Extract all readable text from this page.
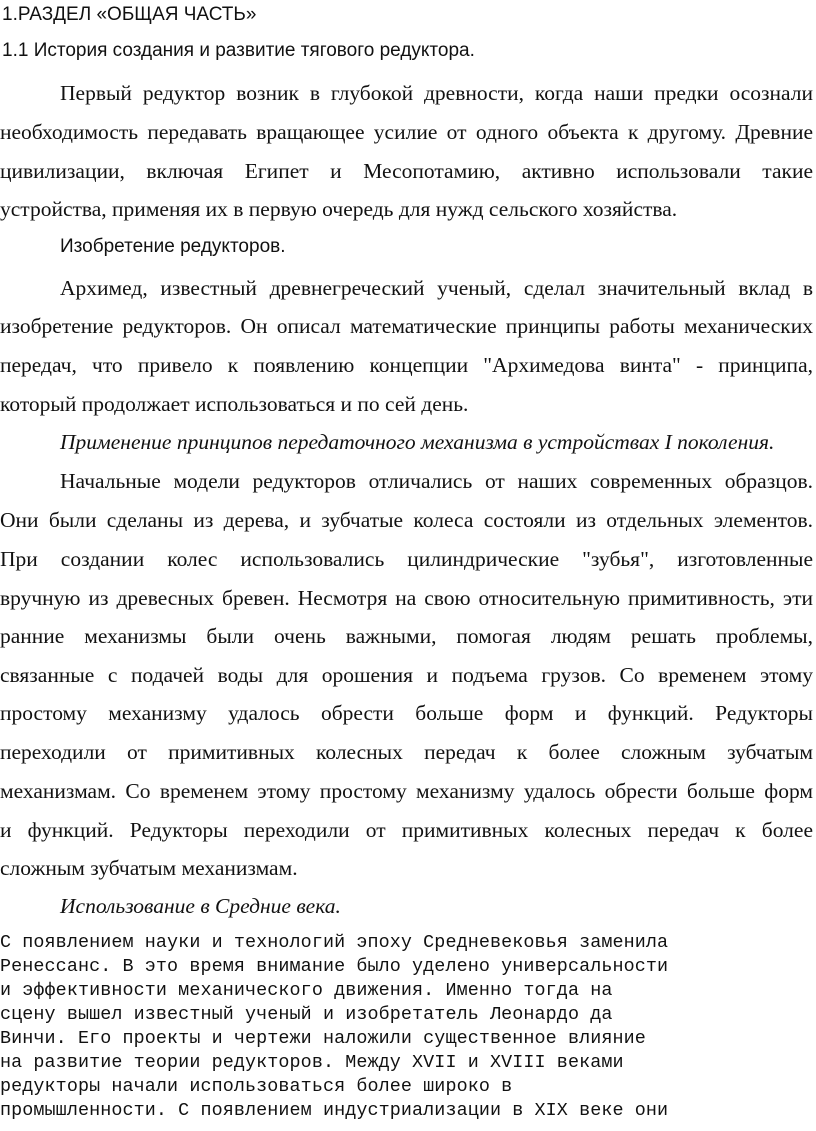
1.РАЗДЕЛ «ОБЩАЯ ЧАСТЬ»
1.1 История создания и развитие тягового редуктора.
Первый редуктор возник в глубокой древности, когда наши предки осознали
необходимость передавать вращающее усилие от одного объекта к другому. Древние
цивилизации, включая Египет и Месопотамию, активно использовали такие
устройства, применяя их в первую очередь для нужд сельского хозяйства.
Изобретение редукторов.
Архимед, известный древнегреческий ученый, сделал значительный вклад в
изобретение редукторов. Он описал математические принципы работы механических
передач, что привело к появлению концепции "Архимедова винта" - принципа,
который продолжает использоваться и по сей день.
Применение принципов передаточного механизма в устройствах I поколения.
Начальные модели редукторов отличались от наших современных образцов.
Они были сделаны из дерева, и зубчатые колеса состояли из отдельных элементов.
При создании колес использовались цилиндрические "зубья", изготовленные
вручную из древесных бревен. Несмотря на свою относительную примитивность, эти
ранние механизмы были очень важными, помогая людям решать проблемы,
связанные с подачей воды для орошения и подъема грузов. Со временем этому
простому механизму удалось обрести больше форм и функций. Редукторы
переходили от примитивных колесных передач к более сложным зубчатым
механизмам. Со временем этому простому механизму удалось обрести больше форм
и функций. Редукторы переходили от примитивных колесных передач к более
сложным зубчатым механизмам.
Использование в Средние века.
С появлением науки и технологий эпоху Средневековья заменила
Ренессанс. В это время внимание было уделено универсальности
и эффективности механического движения. Именно тогда на
сцену вышел известный ученый и изобретатель Леонардо да
Винчи. Его проекты и чертежи наложили существенное влияние
на развитие теории редукторов. Между XVII и XVIII веками
редукторы начали использоваться более широко в
промышленности. С появлением индустриализации в XIX веке они
